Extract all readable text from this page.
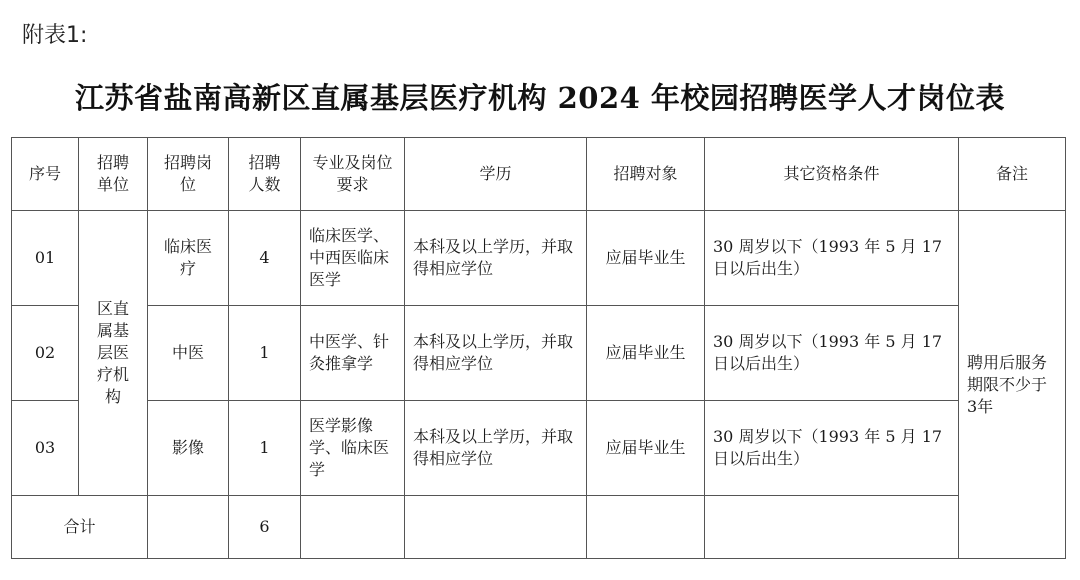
附表1:
江苏省盐南高新区直属基层医疗机构 2024 年校园招聘医学人才岗位表
序号	招聘单位	招聘岗位	招聘人数	专业及岗位要求	学历	招聘对象	其它资格条件	备注
01	区直属基层医疗机构	临床医疗	4	临床医学、中西医临床医学	本科及以上学历，并取得相应学位	应届毕业生	30 周岁以下（1993 年 5 月 17 日以后出生）	聘用后服务期限不少于3年
02		中医	1	中医学、针灸推拿学	本科及以上学历，并取得相应学位	应届毕业生	30 周岁以下（1993 年 5 月 17 日以后出生）	
03		影像	1	医学影像学、临床医学	本科及以上学历，并取得相应学位	应届毕业生	30 周岁以下（1993 年 5 月 17 日以后出生）	
合计			6					
